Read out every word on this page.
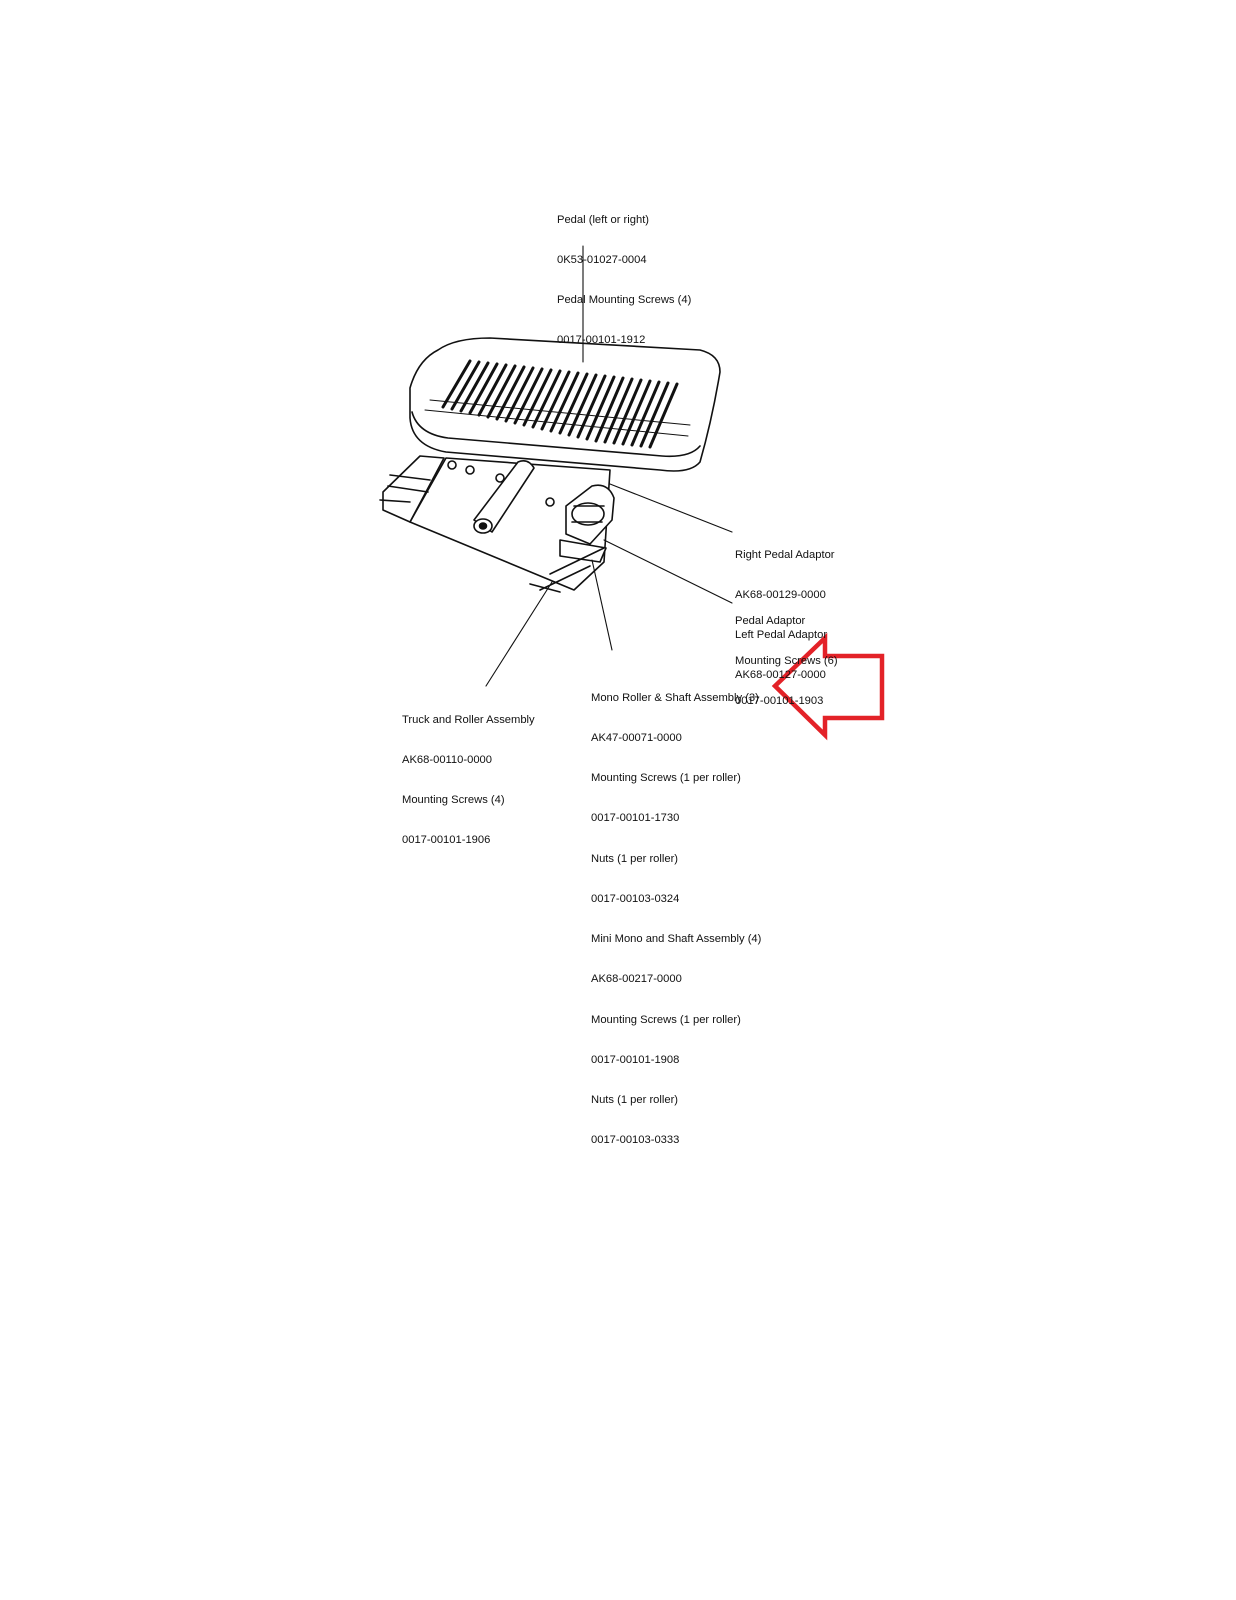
Pedal (left or right)

0K53-01027-0004

Pedal Mounting Screws (4)

0017-00101-1912

Right Pedal Adaptor

AK68-00129-0000

Left Pedal Adaptor

AK68-00127-0000

Pedal Adaptor

Mounting Screws (6)

0017-00101-1903

Truck and Roller Assembly

AK68-00110-0000

Mounting Screws (4)

0017-00101-1906

Mono Roller & Shaft Assembly (3)

AK47-00071-0000

Mounting Screws (1 per roller)

0017-00101-1730

Nuts (1 per roller)

0017-00103-0324

Mini Mono and Shaft Assembly (4)

AK68-00217-0000

Mounting Screws (1 per roller)

0017-00101-1908

Nuts (1 per roller)

0017-00103-0333
